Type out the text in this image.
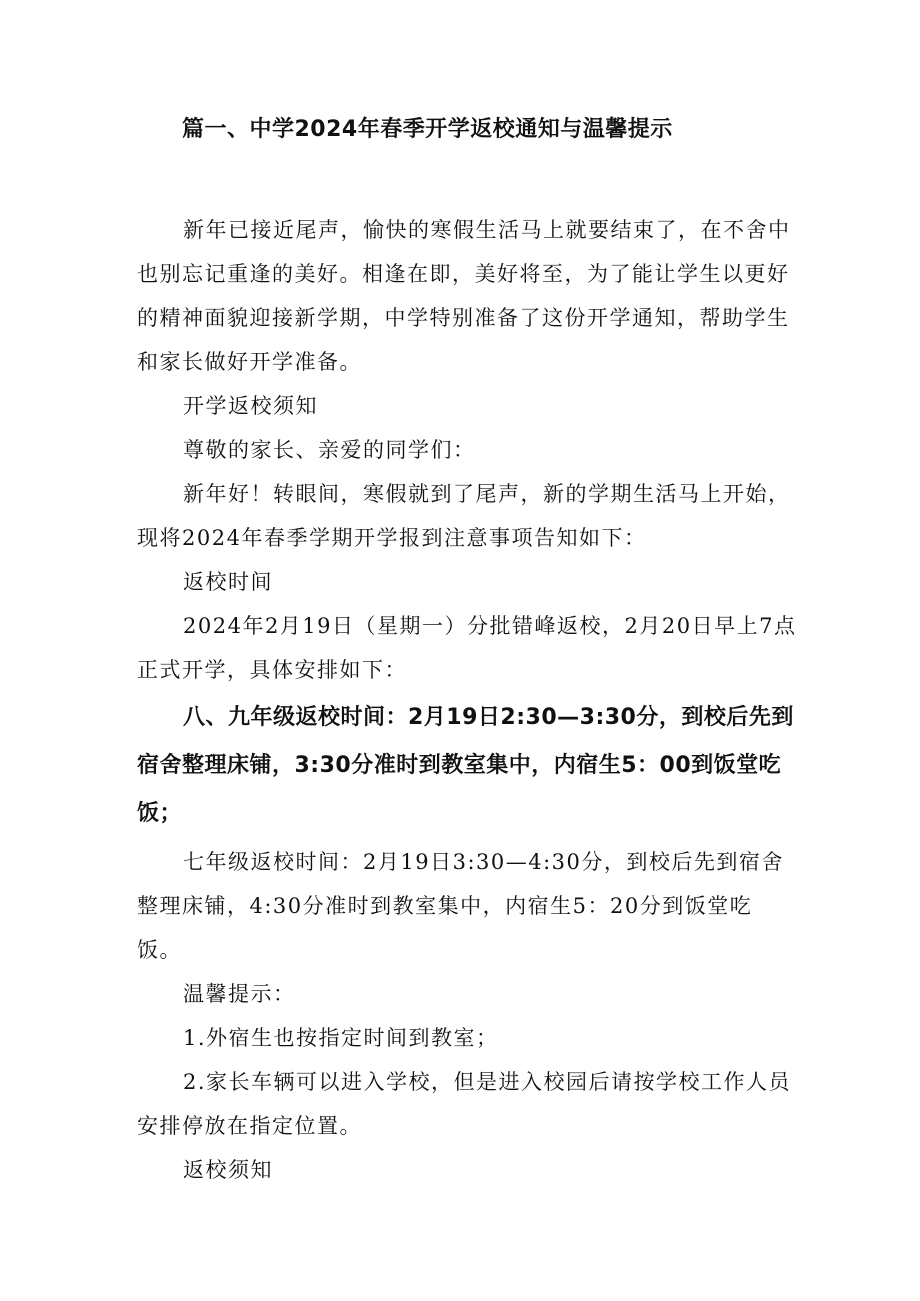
篇一、中学2024年春季开学返校通知与温馨提示

新年已接近尾声，愉快的寒假生活马上就要结束了，在不舍中也别忘记重逢的美好。相逢在即，美好将至，为了能让学生以更好的精神面貌迎接新学期，中学特别准备了这份开学通知，帮助学生和家长做好开学准备。

开学返校须知

尊敬的家长、亲爱的同学们：

新年好！转眼间，寒假就到了尾声，新的学期生活马上开始，现将2024年春季学期开学报到注意事项告知如下：

返校时间

2024年2月19日（星期一）分批错峰返校，2月20日早上7点正式开学，具体安排如下：

八、九年级返校时间：2月19日2:30—3:30分，到校后先到宿舍整理床铺，3:30分准时到教室集中，内宿生5：00到饭堂吃饭；

七年级返校时间：2月19日3:30—4:30分，到校后先到宿舍整理床铺，4:30分准时到教室集中，内宿生5：20分到饭堂吃饭。

温馨提示：

1.外宿生也按指定时间到教室；

2.家长车辆可以进入学校，但是进入校园后请按学校工作人员安排停放在指定位置。

返校须知
